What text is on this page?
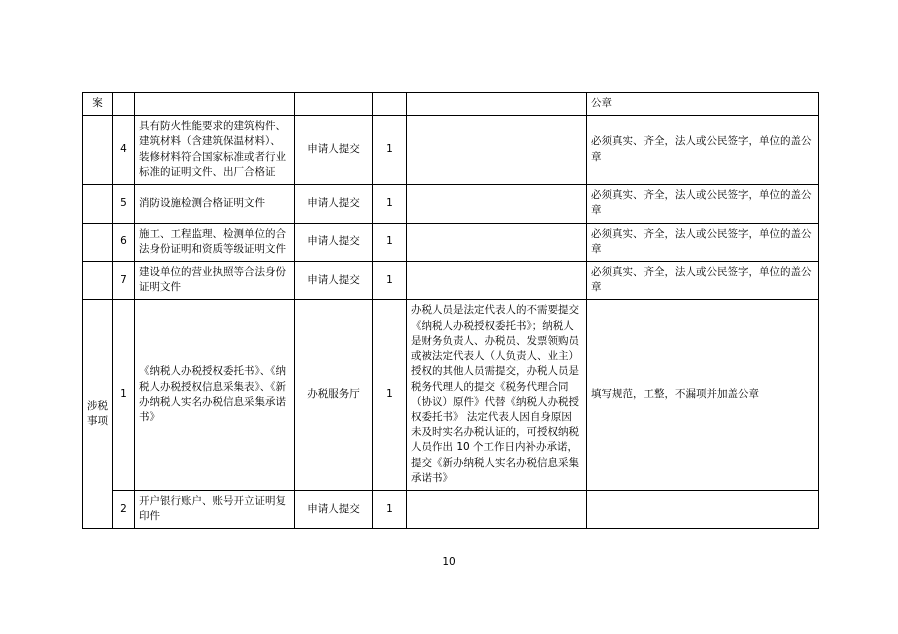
案						公章
	4	具有防火性能要求的建筑构件、建筑材料（含建筑保温材料）、装修材料符合国家标准或者行业标准的证明文件、出厂合格证	申请人提交	1		必须真实、齐全，法人或公民签字，单位的盖公章
	5	消防设施检测合格证明文件	申请人提交	1		必须真实、齐全，法人或公民签字，单位的盖公章
	6	施工、工程监理、检测单位的合法身份证明和资质等级证明文件	申请人提交	1		必须真实、齐全，法人或公民签字，单位的盖公章
	7	建设单位的营业执照等合法身份证明文件	申请人提交	1		必须真实、齐全，法人或公民签字，单位的盖公章
涉税事项	1	《纳税人办税授权委托书》、《纳税人办税授权信息采集表》、《新办纳税人实名办税信息采集承诺书》	办税服务厅	1	办税人员是法定代表人的不需要提交《纳税人办税授权委托书》；纳税人是财务负责人、办税员、发票领购员或被法定代表人（人负责人、业主）授权的其他人员需提交，办税人员是税务代理人的提交《税务代理合同（协议）原件》代替《纳税人办税授权委托书》 法定代表人因自身原因未及时实名办税认证的，可授权纳税人员作出 10 个工作日内补办承诺，提交《新办纳税人实名办税信息采集承诺书》	填写规范，工整，不漏项并加盖公章
	2	开户银行账户、账号开立证明复印件	申请人提交	1		
10
